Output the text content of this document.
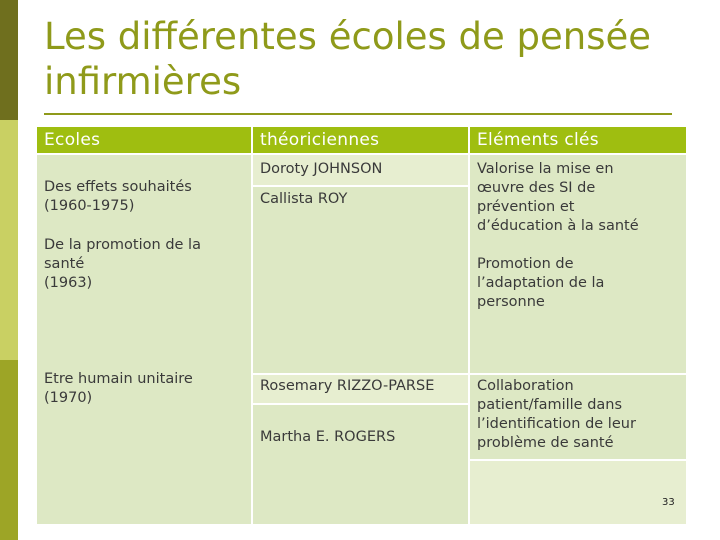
Les différentes écoles de pensée infirmières
Ecoles	théoriciennes	Eléments clés
Des effets souhaités
(1960-1975)
De la promotion de la
santé
(1963)
Etre humain unitaire
(1970)
Doroty JOHNSON
Callista ROY
Rosemary RIZZO-PARSE
Martha E. ROGERS
Valorise la mise en
œuvre des SI de
prévention et
d’éducation à la santé
Promotion de
l’adaptation de la
personne
Collaboration
patient/famille dans
l’identification de leur
problème de santé
33
